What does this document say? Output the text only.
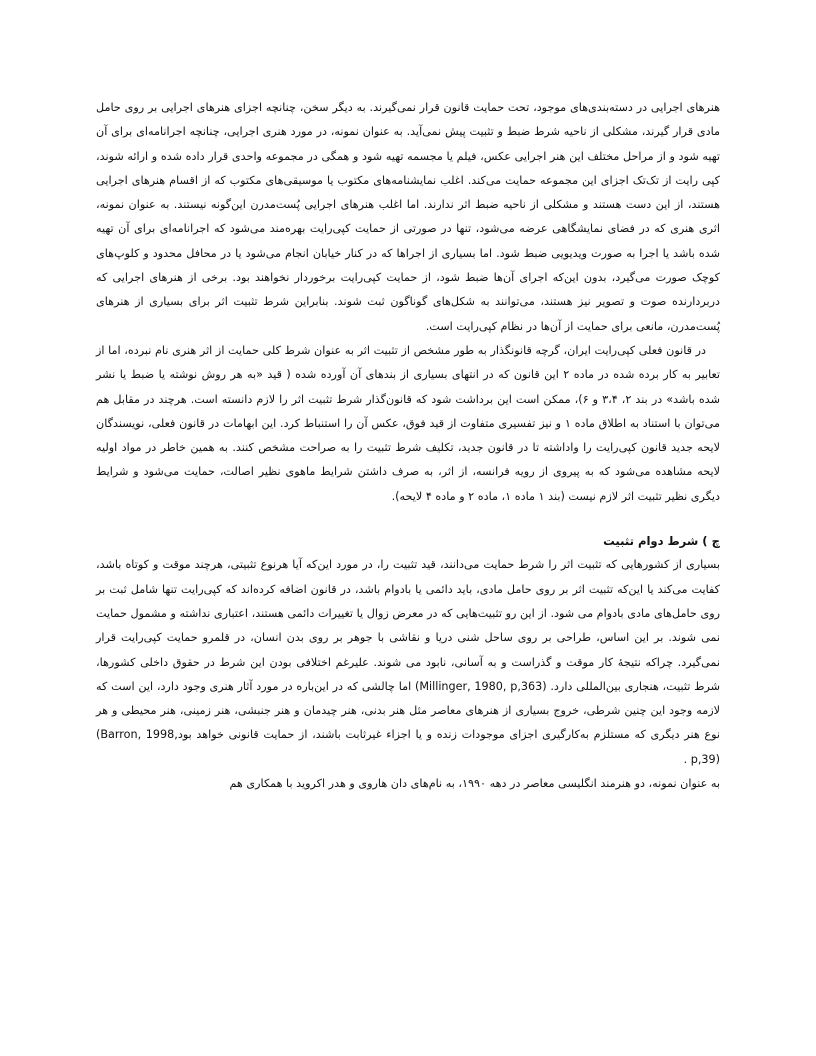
هنرهای اجرایی در دسته‌بندی‌های موجود، تحت حمایت قانون قرار نمی‌گیرند. به دیگر سخن، چنانچه اجزای هنرهای اجرایی بر روی حامل مادی قرار گیرند، مشکلی از ناحیه شرط ضبط و تثبیت پیش نمی‌آید. به عنوان نمونه، در مورد هنری اجرایی، چنانچه اجرانامه‌ای برای آن تهیه شود و از مراحل مختلف این هنر اجرایی عکس، فیلم یا مجسمه تهیه شود و همگی در مجموعه واحدی قرار داده شده و ارائه شوند، کپی رایت از تک‌تک اجزای این مجموعه حمایت می‌کند. اغلب نمایشنامه‌های مکتوب یا موسیقی‌های مکتوب که از اقسام هنرهای اجرایی هستند، از این دست هستند و مشکلی از ناحیه ضبط اثر ندارند. اما اغلب هنرهای اجرایی پُست‌مدرن این‌گونه نیستند. به عنوان نمونه، اثری هنری که در فضای نمایشگاهی عرضه می‌شود، تنها در صورتی از حمایت کپی‌رایت بهره‌مند می‌شود که اجرانامه‌ای برای آن تهیه شده باشد یا اجرا به صورت ویدیویی ضبط شود. اما بسیاری از اجراها که در کنار خیابان انجام می‌شود یا در محافل محدود و کلوپ‌های کوچک صورت می‌گیرد، بدون این‌که اجرای آن‌ها ضبط شود، از حمایت کپی‌رایت برخوردار نخواهند بود. برخی از هنرهای اجرایی که دربردارنده صوت و تصویر نیز هستند، می‌توانند به شکل‌های گوناگون ثبت شوند. بنابراین شرط تثبیت اثر برای بسیاری از هنرهای پُست‌مدرن، مانعی برای حمایت از آن‌ها در نظام کپی‌رایت است.

در قانون فعلی کپی‌رایت ایران، گرچه قانونگذار به طور مشخص از تثبیت اثر به عنوان شرط کلی حمایت از اثر هنری نام نبرده، اما از تعابیر به کار برده شده در ماده ۲ این قانون که در انتهای بسیاری از بندهای آن آورده شده ( قید «به هر روش نوشته یا ضبط یا نشر شده باشد» در بند ۲، ۳،۴ و ۶)، ممکن است این برداشت شود که قانون‌گذار شرط تثبیت اثر را لازم دانسته است. هرچند در مقابل هم می‌توان با استناد به اطلاق ماده ۱ و نیز تفسیری متفاوت از قید فوق، عکس آن را استنباط کرد. این ابهامات در قانون فعلی، نویسندگان لایحه جدید قانون کپی‌رایت را واداشته تا در قانون جدید، تکلیف شرط تثبیت را به صراحت مشخص کنند. به همین خاطر در مواد اولیه لایحه مشاهده می‌شود که به پیروی از رویه فرانسه، از اثر، به صرف داشتن شرایط ماهوی نظیر اصالت، حمایت می‌شود و شرایط دیگری نظیر تثبیت اثر لازم نیست (بند ۱ ماده ۱، ماده ۲ و ماده ۴ لایحه).

چ ) شرط دوام تثبیت

بسیاری از کشورهایی که تثبیت اثر را شرط حمایت می‌دانند، قید تثبیت را، در مورد این‌که آیا هرنوع تثبیتی، هرچند موقت و کوتاه باشد، کفایت می‌کند یا این‌که تثبیت اثر بر روی حامل مادی، باید دائمی یا بادوام باشد، در قانون اضافه کرده‌اند که کپی‌رایت تنها شامل ثبت بر روی حامل‌های مادی بادوام می شود. از این رو تثبیت‌هایی که در معرض زوال یا تغییرات دائمی هستند، اعتباری نداشته و مشمول حمایت نمی شوند. بر این اساس، طراحی بر روی ساحل شنی دریا و نقاشی با جوهر بر روی بدن انسان، در قلمرو حمایت کپی‌رایت قرار نمی‌گیرد. چراکه نتیجهٔ کار موقت و گذراست و به آسانی، نابود می شوند. علیرغم اختلافی بودن این شرط در حقوق داخلی کشورها، شرط تثبیت، هنجاری بین‌المللی دارد. (Millinger, 1980, p,363) اما چالشی که در این‌باره در مورد آثار هنری وجود دارد، این است که لازمه وجود این چنین شرطی، خروج بسیاری از هنرهای معاصر مثل هنر بدنی، هنر چیدمان و هنر جنبشی، هنر زمینی، هنر محیطی و هر نوع هنر دیگری که مستلزم به‌کارگیری اجزای موجودات زنده و یا اجزاء غیرثابت باشند، از حمایت قانونی خواهد بود(Barron, 1998, p,39) .

به عنوان نمونه، دو هنرمند انگلیسی معاصر در دهه ۱۹۹۰، به نام‌های دان هاروی و هدر اکروید با همکاری هم
